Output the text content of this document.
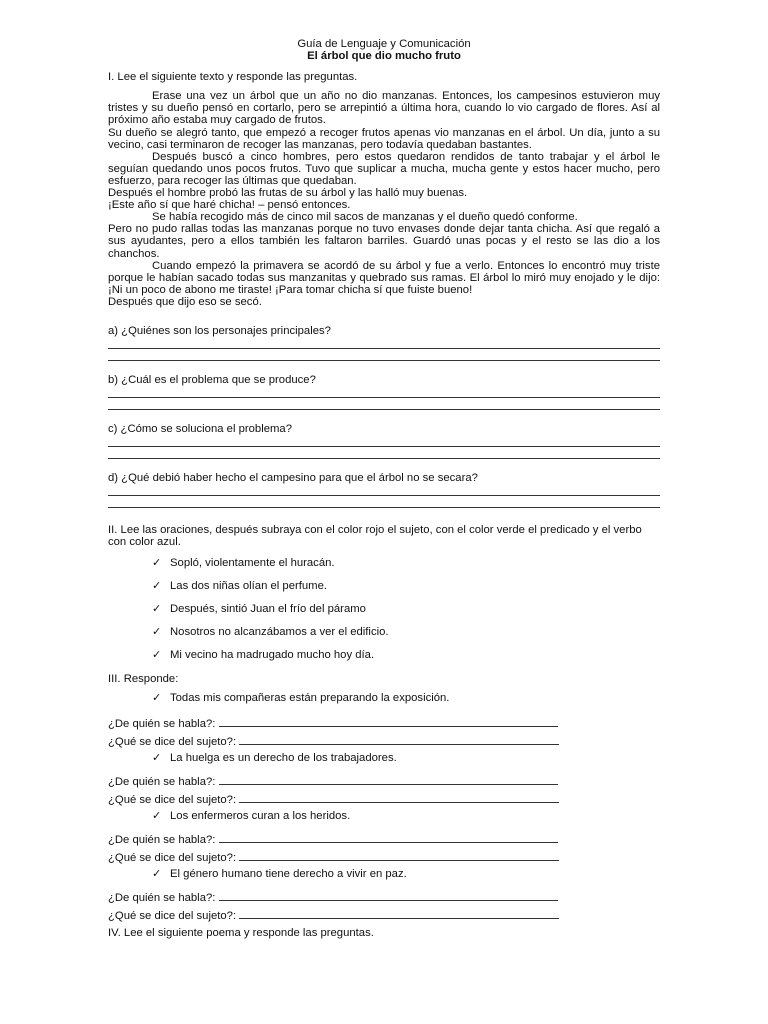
Guía de Lenguaje y Comunicación
El árbol que dio mucho fruto
I. Lee el siguiente texto y responde las preguntas.

Erase una vez un árbol que un año no dio manzanas. Entonces, los campesinos estuvieron muy tristes y su dueño pensó en cortarlo, pero se arrepintió a última hora, cuando lo vio cargado de flores. Así al próximo año estaba muy cargado de frutos.

Su dueño se alegró tanto, que empezó a recoger frutos apenas vio manzanas en el árbol. Un día, junto a su vecino, casi terminaron de recoger las manzanas, pero todavía quedaban bastantes.

Después buscó a cinco hombres, pero estos quedaron rendidos de tanto trabajar y el árbol le seguían quedando unos pocos frutos. Tuvo que suplicar a mucha, mucha gente y estos hacer mucho, pero esfuerzo, para recoger las últimas que quedaban.

Después el hombre probó las frutas de su árbol y las halló muy buenas.

¡Este año sí que haré chicha! – pensó entonces.

Se había recogido más de cinco mil sacos de manzanas y el dueño quedó conforme.

Pero no pudo rallas todas las manzanas porque no tuvo envases donde dejar tanta chicha. Así que regaló a sus ayudantes, pero a ellos también les faltaron barriles. Guardó unas pocas y el resto se las dio a los chanchos.

Cuando empezó la primavera se acordó de su árbol y fue a verlo. Entonces lo encontró muy triste porque le habían sacado todas sus manzanitas y quebrado sus ramas. El árbol lo miró muy enojado y le dijo: ¡Ni un poco de abono me tiraste! ¡Para tomar chicha sí que fuiste bueno!

Después que dijo eso se secó.

a) ¿Quiénes son los personajes principales?
b) ¿Cuál es el problema que se produce?
c) ¿Cómo se soluciona el problema?
d) ¿Qué debió haber hecho el campesino para que el árbol no se secara?
II. Lee las oraciones, después subraya con el color rojo el sujeto, con el color verde el predicado y el verbo con color azul.
✓ Sopló, violentamente el huracán.
✓ Las dos niñas olían el perfume.
✓ Después, sintió Juan el frío del páramo
✓ Nosotros no alcanzábamos a ver el edificio.
✓ Mi vecino ha madrugado mucho hoy día.
III. Responde:
✓ Todas mis compañeras están preparando la exposición.
¿De quién se habla?:
¿Qué se dice del sujeto?:
✓ La huelga es un derecho de los trabajadores.
¿De quién se habla?:
¿Qué se dice del sujeto?:
✓ Los enfermeros curan a los heridos.
¿De quién se habla?:
¿Qué se dice del sujeto?:
✓ El género humano tiene derecho a vivir en paz.
¿De quién se habla?:
¿Qué se dice del sujeto?:
IV. Lee el siguiente poema y responde las preguntas.
